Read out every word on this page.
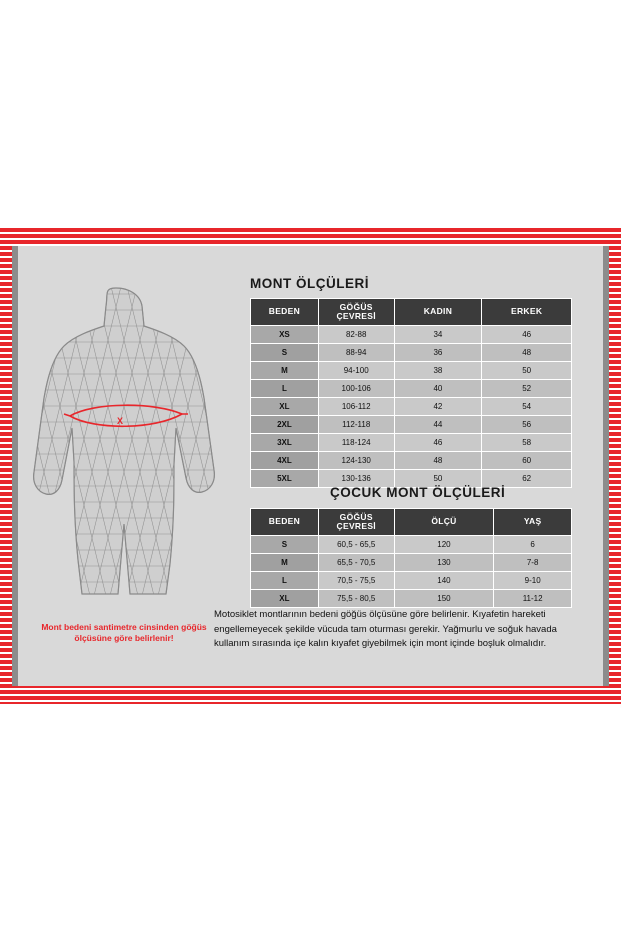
X
Mont bedeni santimetre cinsinden göğüs ölçüsüne göre belirlenir!
MONT ÖLÇÜLERİ
BEDEN	GÖĞÜS ÇEVRESİ	KADIN	ERKEK
XS	82-88	34	46
S	88-94	36	48
M	94-100	38	50
L	100-106	40	52
XL	106-112	42	54
2XL	112-118	44	56
3XL	118-124	46	58
4XL	124-130	48	60
5XL	130-136	50	62
ÇOCUK MONT ÖLÇÜLERİ
BEDEN	GÖĞÜS ÇEVRESİ	ÖLÇÜ	YAŞ
S	60,5 - 65,5	120	6
M	65,5 - 70,5	130	7-8
L	70,5 - 75,5	140	9-10
XL	75,5 - 80,5	150	11-12
Motosiklet montlarının bedeni göğüs ölçüsüne göre belirlenir. Kıyafetin hareketi engellemeyecek şekilde vücuda tam oturması gerekir. Yağmurlu ve soğuk havada kullanım sırasında içe kalın kıyafet giyebilmek için mont içinde boşluk olmalıdır.
